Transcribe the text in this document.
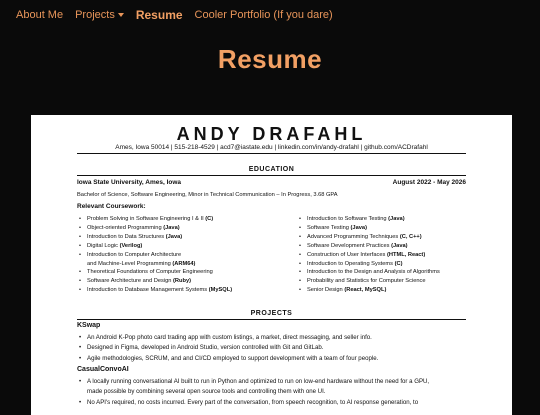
About Me Projects Resume Cooler Portfolio (If you dare)
Resume
ANDY DRAFAHL
Ames, Iowa 50014 | 515-218-4529 | acd7@iastate.edu | linkedin.com/in/andy-drafahl | github.com/ACDrafahl
EDUCATION
Iowa State University, Ames, Iowa	August 2022 - May 2026
Bachelor of Science, Software Engineering, Minor in Technical Communication – In Progress, 3.68 GPA
Relevant Coursework:
• Problem Solving in Software Engineering I & II (C)
• Object-oriented Programming (Java)
• Introduction to Data Structures (Java)
• Digital Logic (Verilog)
• Introduction to Computer Architecture
and Machine-Level Programming (ARM64)
• Theoretical Foundations of Computer Engineering
• Software Architecture and Design (Ruby)
• Introduction to Database Management Systems (MySQL)
• Introduction to Software Testing (Java)
• Software Testing (Java)
• Advanced Programming Techniques (C, C++)
• Software Development Practices (Java)
• Construction of User Interfaces (HTML, React)
• Introduction to Operating Systems (C)
• Introduction to the Design and Analysis of Algorithms
• Probability and Statistics for Computer Science
• Senior Design (React, MySQL)
PROJECTS
KSwap
• An Android K-Pop photo card trading app with custom listings, a market, direct messaging, and seller info.
• Designed in Figma, developed in Android Studio, version controlled with Git and GitLab.
• Agile methodologies, SCRUM, and and CI/CD employed to support development with a team of four people.
CasualConvoAI
• A locally running conversational AI built to run in Python and optimized to run on low-end hardware without the need for a GPU,
made possible by combining several open source tools and controlling them with one UI.
• No API's required, no costs incurred. Every part of the conversation, from speech recognition, to AI response generation, to
